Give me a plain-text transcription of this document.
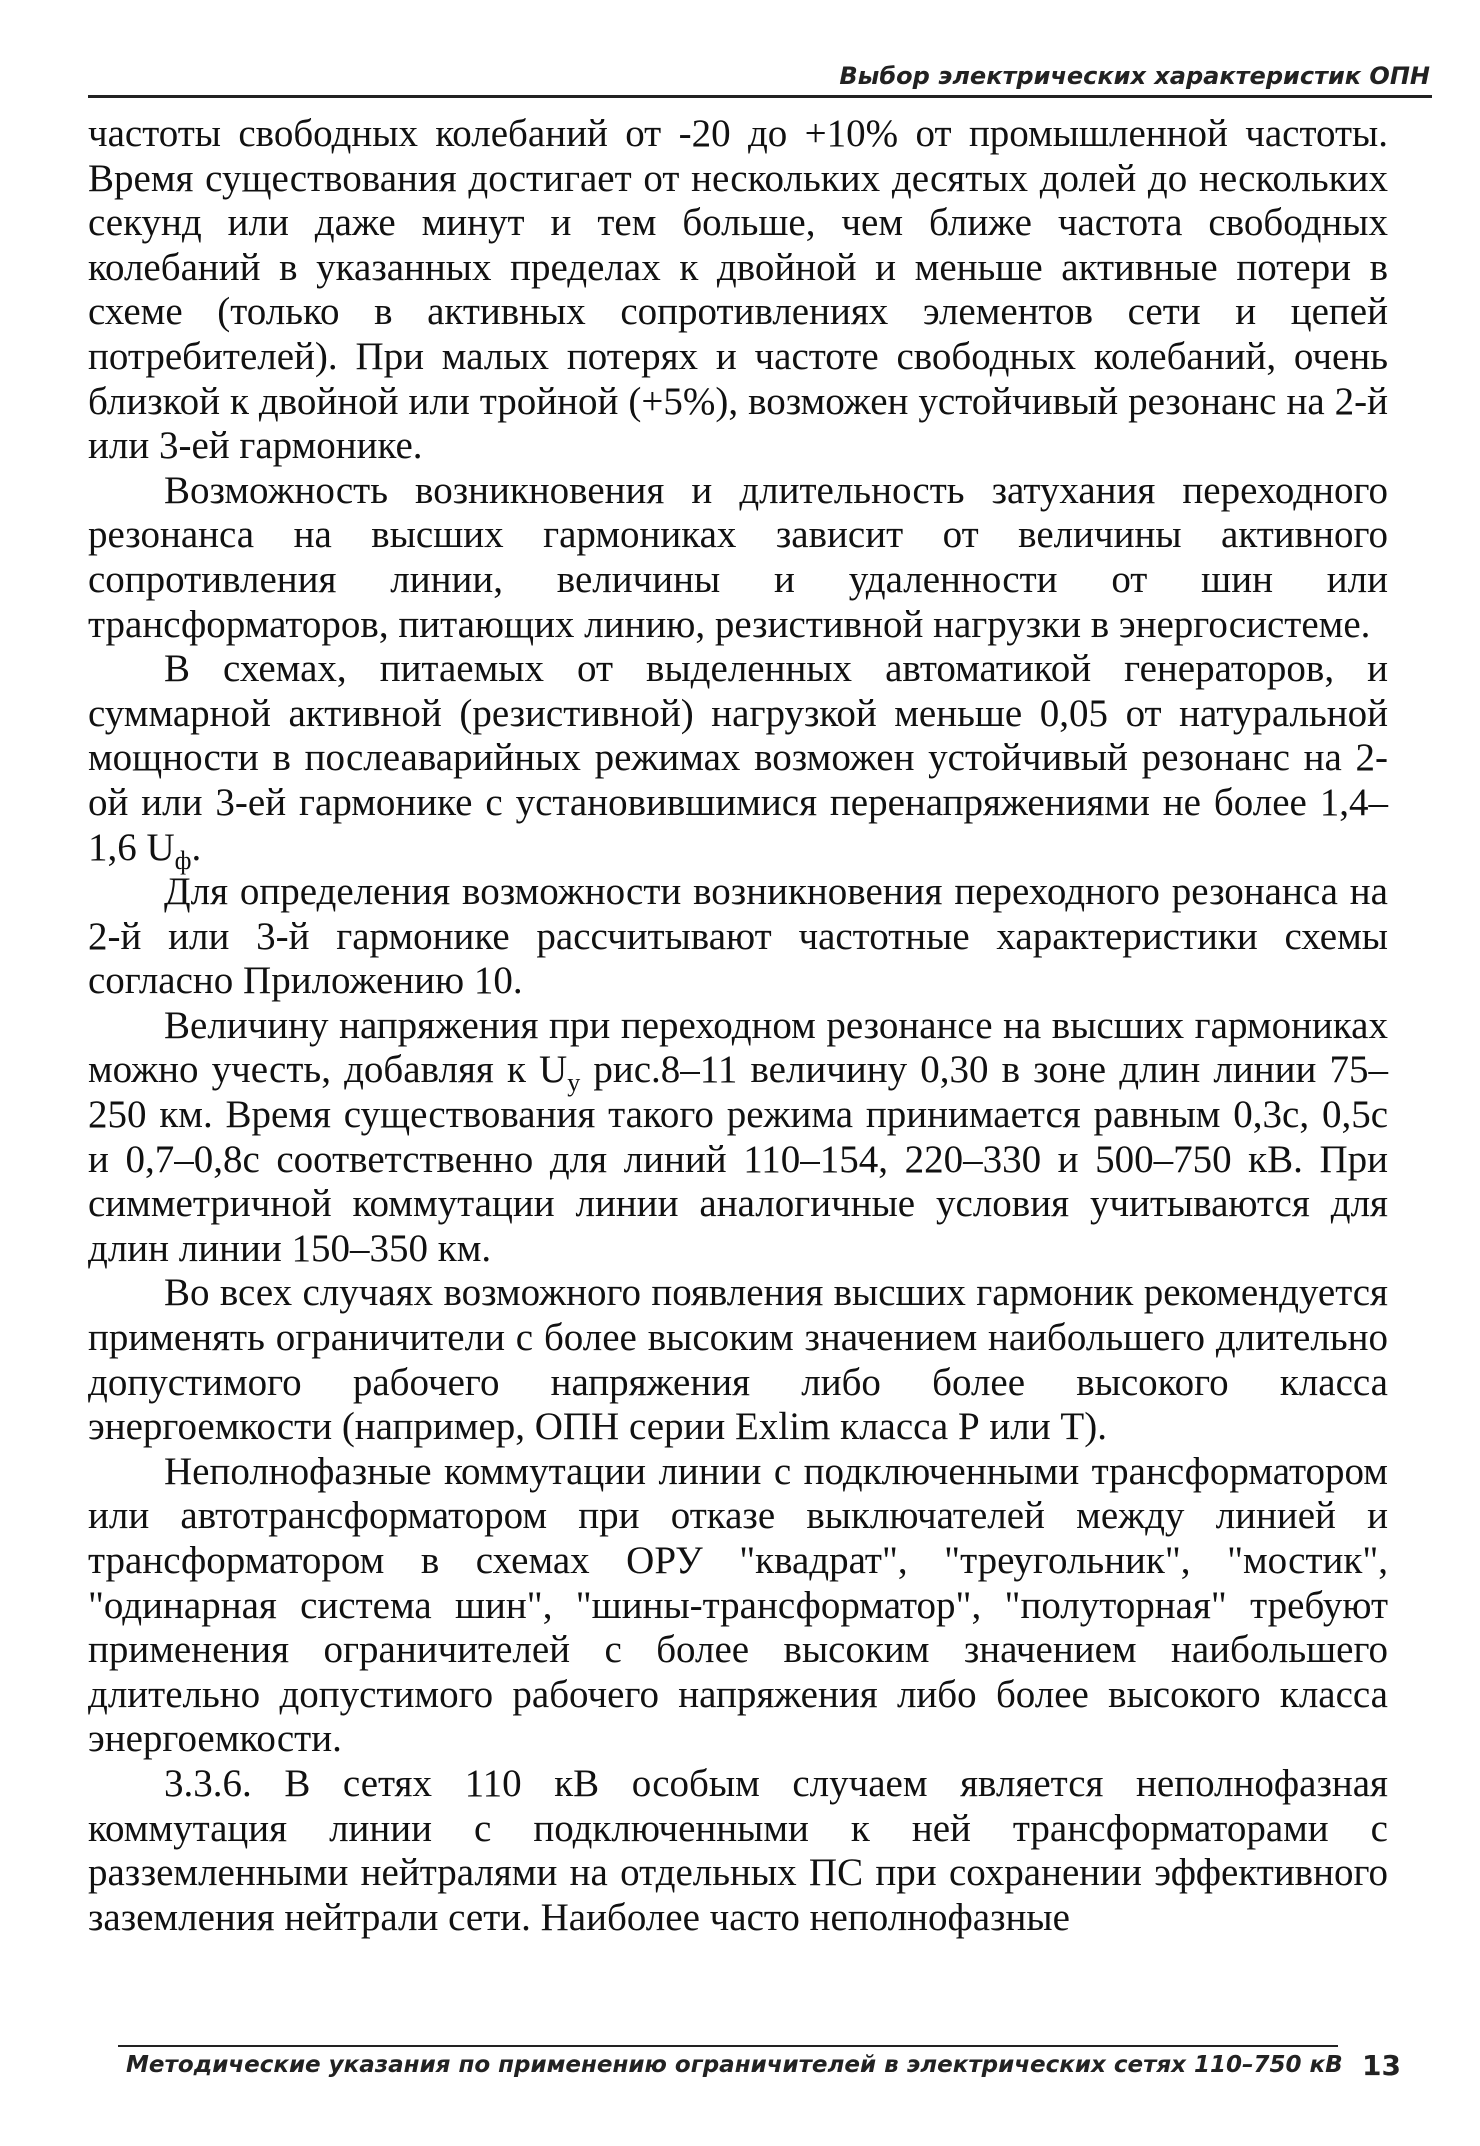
Выбор электрических характеристик ОПН

частоты свободных колебаний от -20 до +10% от промышленной частоты. Время существования достигает от нескольких десятых долей до нескольких секунд или даже минут и тем больше, чем ближе частота свободных колебаний в указанных пределах к двойной и меньше активные потери в схеме (только в активных сопротивлениях элементов сети и цепей потребителей). При малых потерях и частоте свободных колебаний, очень близкой к двойной или тройной (+5%), возможен устойчивый резонанс на 2-й или 3-ей гармонике.

Возможность возникновения и длительность затухания переходного резонанса на высших гармониках зависит от величины активного сопротивления линии, величины и удаленности от шин или трансформаторов, питающих линию, резистивной нагрузки в энергосистеме.

В схемах, питаемых от выделенных автоматикой генераторов, и суммарной активной (резистивной) нагрузкой меньше 0,05 от натуральной мощности в послеаварийных режимах возможен устойчивый резонанс на 2-ой или 3-ей гармонике с установившимися перенапряжениями не более 1,4–1,6 $U_ф$.

Для определения возможности возникновения переходного резонанса на 2-й или 3-й гармонике рассчитывают частотные характеристики схемы согласно Приложению 10.

Величину напряжения при переходном резонансе на высших гармониках можно учесть, добавляя к $U_у$ рис.8–11 величину 0,30 в зоне длин линии 75–250 км. Время существования такого режима принимается равным 0,3с, 0,5с и 0,7–0,8с соответственно для линий 110–154, 220–330 и 500–750 кВ. При симметричной коммутации линии аналогичные условия учитываются для длин линии 150–350 км.

Во всех случаях возможного появления высших гармоник рекомендуется применять ограничители с более высоким значением наибольшего длительно допустимого рабочего напряжения либо более высокого класса энергоемкости (например, ОПН серии Exlim класса Р или Т).

Неполнофазные коммутации линии с подключенными трансформатором или автотрансформатором при отказе выключателей между линией и трансформатором в схемах ОРУ "квадрат", "треугольник", "мостик", "одинарная система шин", "шины-трансформатор", "полуторная" требуют применения ограничителей с более высоким значением наибольшего длительно допустимого рабочего напряжения либо более высокого класса энергоемкости.

3.3.6. В сетях 110 кВ особым случаем является неполнофазная коммутация линии с подключенными к ней трансформаторами с разземленными нейтралями на отдельных ПС при сохранении эффективного заземления нейтрали сети. Наиболее часто неполнофазные

Методические указания по применению ограничителей в электрических сетях 110–750 кВ 13
